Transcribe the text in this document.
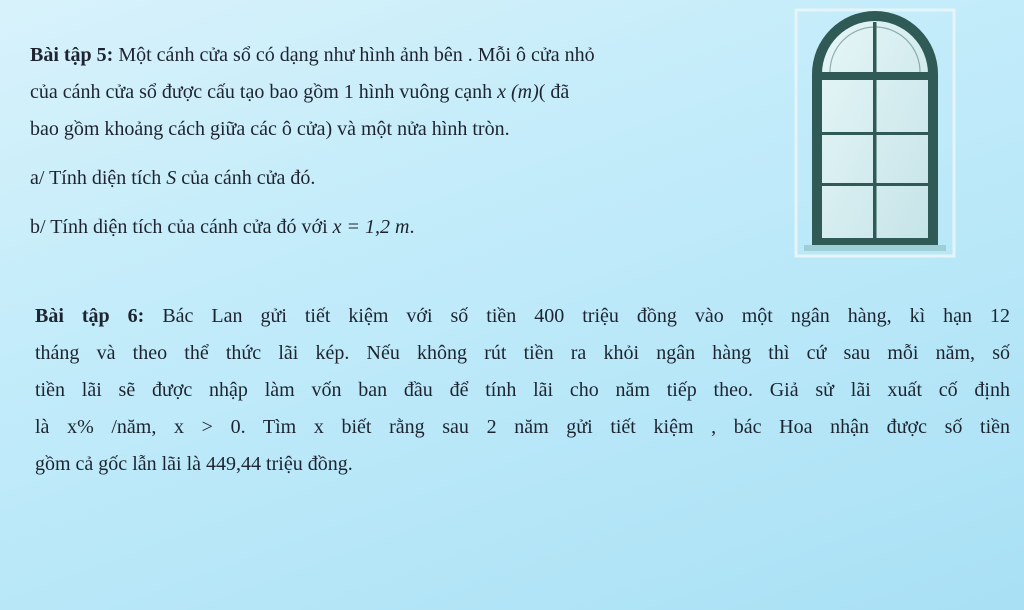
Bài tập 5: Một cánh cửa sổ có dạng như hình ảnh bên . Mỗi ô cửa nhỏ
của cánh cửa sổ được cấu tạo bao gồm 1 hình vuông cạnh x (m)( đã
bao gồm khoảng cách giữa các ô cửa) và một nửa hình tròn.
a/ Tính diện tích S của cánh cửa đó.
b/ Tính diện tích của cánh cửa đó với x = 1,2 m.
Bài tập 6: Bác Lan gửi tiết kiệm với số tiền 400 triệu đồng vào một ngân hàng, kì hạn 12
tháng và theo thể thức lãi kép. Nếu không rút tiền ra khỏi ngân hàng thì cứ sau mỗi năm, số
tiền lãi sẽ được nhập làm vốn ban đầu để tính lãi cho năm tiếp theo. Giả sử lãi xuất cố định
là x% /năm, x > 0. Tìm x biết rằng sau 2 năm gửi tiết kiệm , bác Hoa nhận được số tiền
gồm cả gốc lẫn lãi là 449,44 triệu đồng.
